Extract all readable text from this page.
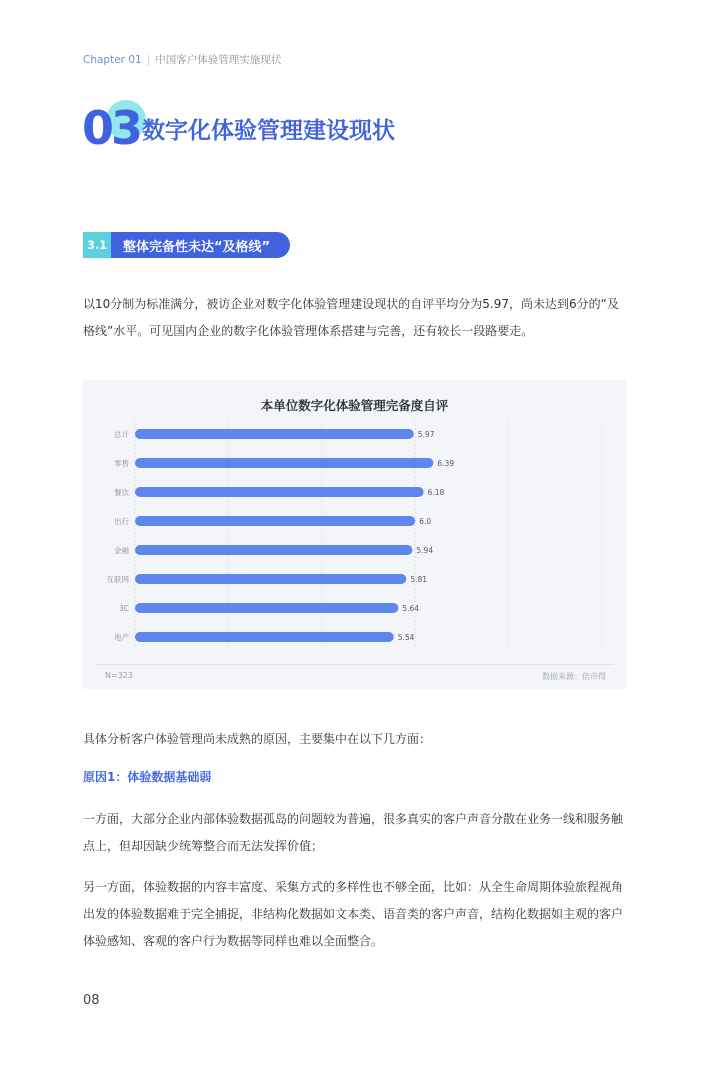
Chapter 01 | 中国客户体验管理实施现状
03 数字化体验管理建设现状
3.1	整体完备性未达“及格线”

以10分制为标准满分，被访企业对数字化体验管理建设现状的自评平均分为5.97，尚未达到6分的“及格线”水平。可见国内企业的数字化体验管理体系搭建与完善，还有较长一段路要走。

本单位数字化体验管理完备度自评
总计	5.97
零售	6.39
餐饮	6.18
出行	6.0
金融	5.94
互联网	5.81
3C	5.64
地产	5.54
N=323	数据来源：倍市得

具体分析客户体验管理尚未成熟的原因，主要集中在以下几方面：

原因1：体验数据基础弱

一方面，大部分企业内部体验数据孤岛的问题较为普遍，很多真实的客户声音分散在业务一线和服务触点上，但却因缺少统筹整合而无法发挥价值；

另一方面，体验数据的内容丰富度、采集方式的多样性也不够全面，比如：从全生命周期体验旅程视角出发的体验数据难于完全捕捉，非结构化数据如文本类、语音类的客户声音，结构化数据如主观的客户体验感知、客观的客户行为数据等同样也难以全面整合。

08
